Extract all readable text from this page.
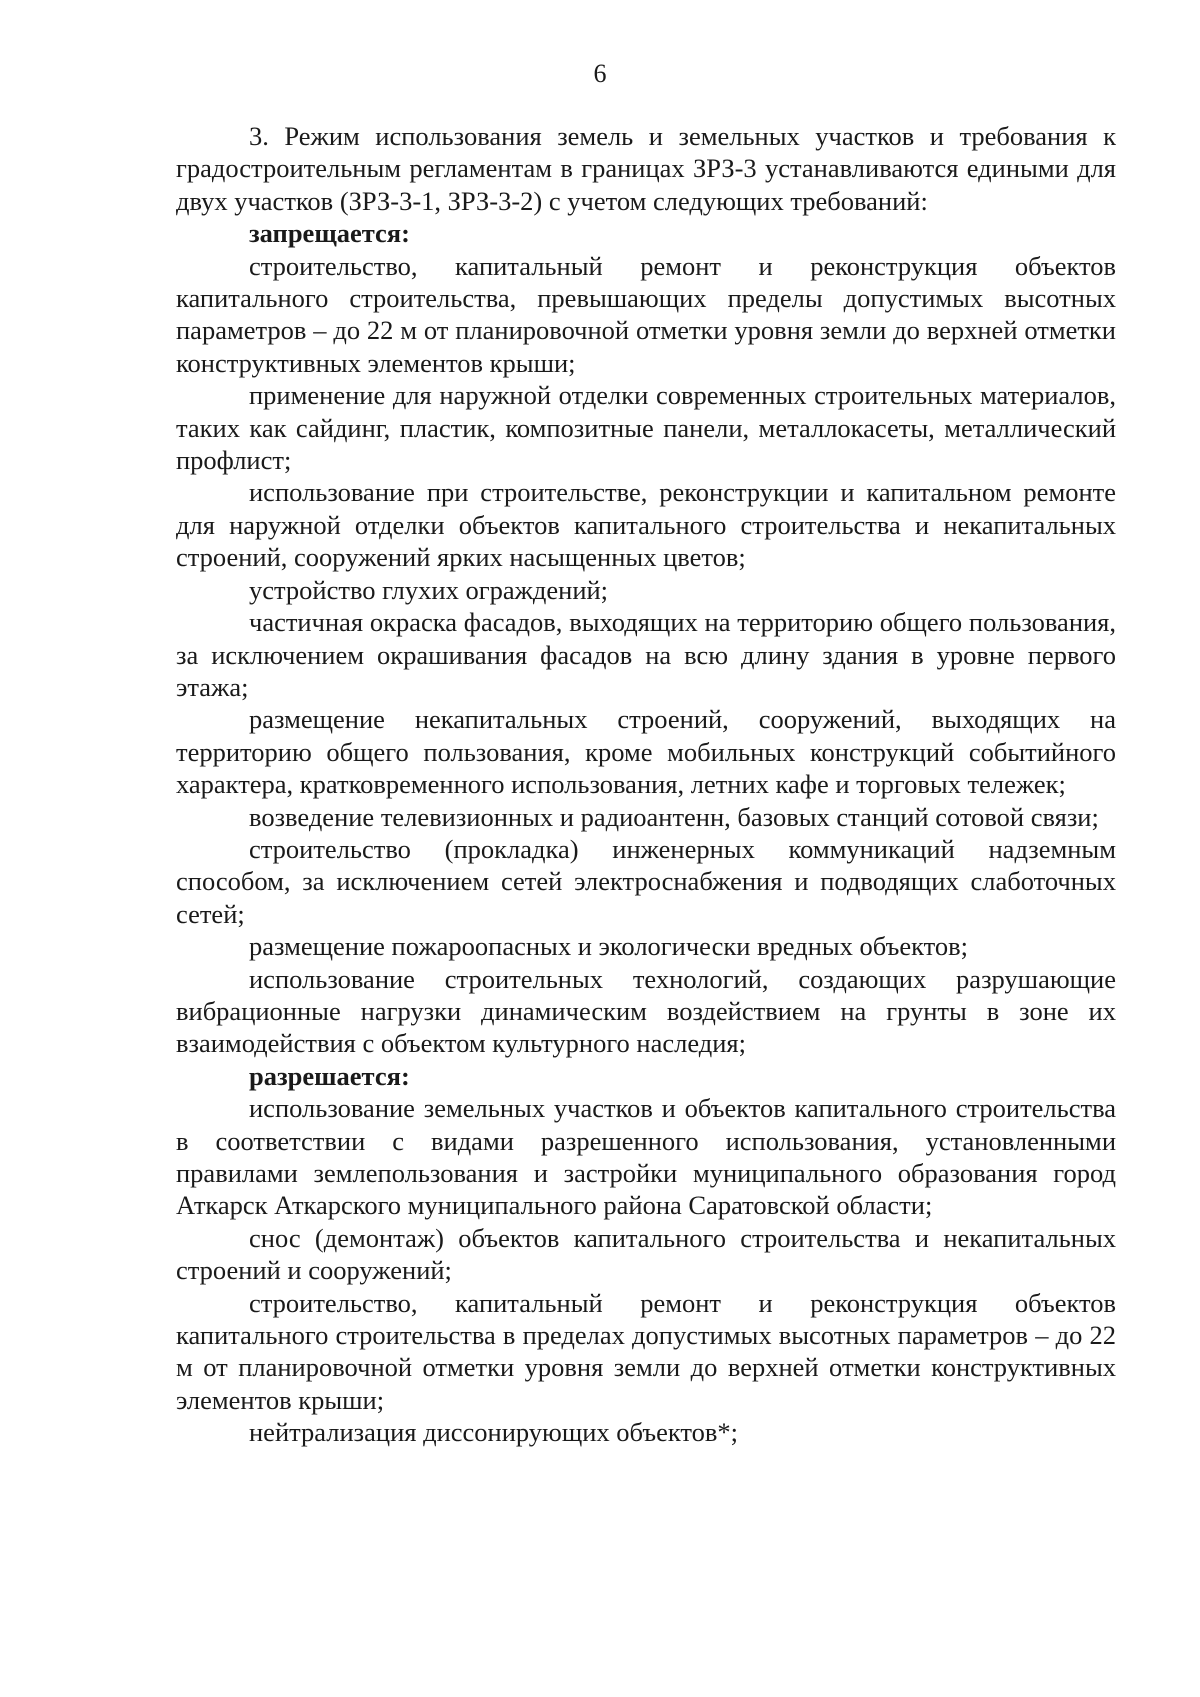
6

3. Режим использования земель и земельных участков и требования к градостроительным регламентам в границах ЗРЗ-3 устанавливаются едиными для двух участков (ЗРЗ-3-1, ЗРЗ-3-2) с учетом следующих требований:

запрещается:

строительство, капитальный ремонт и реконструкция объектов капитального строительства, превышающих пределы допустимых высотных параметров – до 22 м от планировочной отметки уровня земли до верхней отметки конструктивных элементов крыши;

применение для наружной отделки современных строительных материалов, таких как сайдинг, пластик, композитные панели, металлокасеты, металлический профлист;

использование при строительстве, реконструкции и капитальном ремонте для наружной отделки объектов капитального строительства и некапитальных строений, сооружений ярких насыщенных цветов;

устройство глухих ограждений;

частичная окраска фасадов, выходящих на территорию общего пользования, за исключением окрашивания фасадов на всю длину здания в уровне первого этажа;

размещение некапитальных строений, сооружений, выходящих на территорию общего пользования, кроме мобильных конструкций событийного характера, кратковременного использования, летних кафе и торговых тележек;

возведение телевизионных и радиоантенн, базовых станций сотовой связи;

строительство (прокладка) инженерных коммуникаций надземным способом, за исключением сетей электроснабжения и подводящих слаботочных сетей;

размещение пожароопасных и экологически вредных объектов;

использование строительных технологий, создающих разрушающие вибрационные нагрузки динамическим воздействием на грунты в зоне их взаимодействия с объектом культурного наследия;

разрешается:

использование земельных участков и объектов капитального строительства в соответствии с видами разрешенного использования, установленными правилами землепользования и застройки муниципального образования город Аткарск Аткарского муниципального района Саратовской области;

снос (демонтаж) объектов капитального строительства и некапитальных строений и сооружений;

строительство, капитальный ремонт и реконструкция объектов капитального строительства в пределах допустимых высотных параметров – до 22 м от планировочной отметки уровня земли до верхней отметки конструктивных элементов крыши;

нейтрализация диссонирующих объектов*;
